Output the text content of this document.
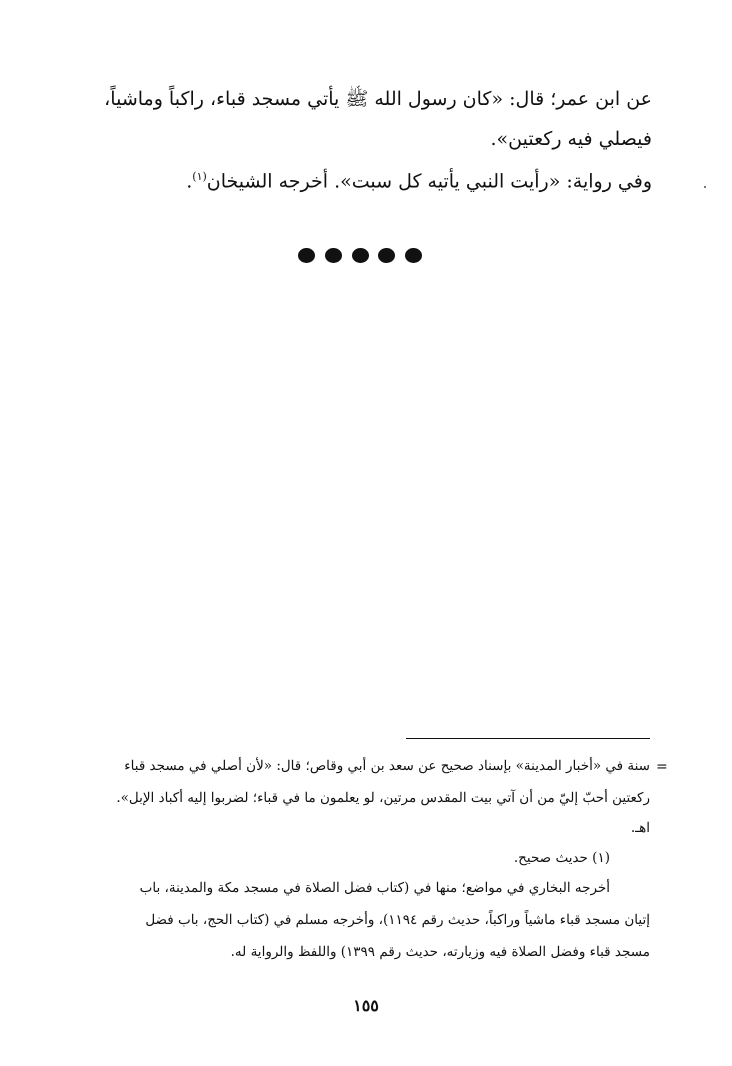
عن ابن عمر؛ قال: «كان رسول الله ﷺ يأتي مسجد قباء، راكباً وماشياً،
فيصلي فيه ركعتين».
وفي رواية: «رأيت النبي يأتيه كل سبت». أخرجه الشيخان$^{(١)}$.
=
سنة في «أخبار المدينة» بإسناد صحيح عن سعد بن أبي وقاص؛ قال: «لأن أصلي في مسجد قباء
ركعتين أحبّ إليّ من أن آتي بيت المقدس مرتين، لو يعلمون ما في قباء؛ لضربوا إليه أكباد الإبل».
اهـ.
(١) حديث صحيح.
أخرجه البخاري في مواضع؛ منها في (كتاب فضل الصلاة في مسجد مكة والمدينة، باب
إتيان مسجد قباء ماشياً وراكباً، حديث رقم ١١٩٤)، وأخرجه مسلم في (كتاب الحج، باب فضل
مسجد قباء وفضل الصلاة فيه وزيارته، حديث رقم ١٣٩٩) واللفظ والرواية له.
١٥٥
